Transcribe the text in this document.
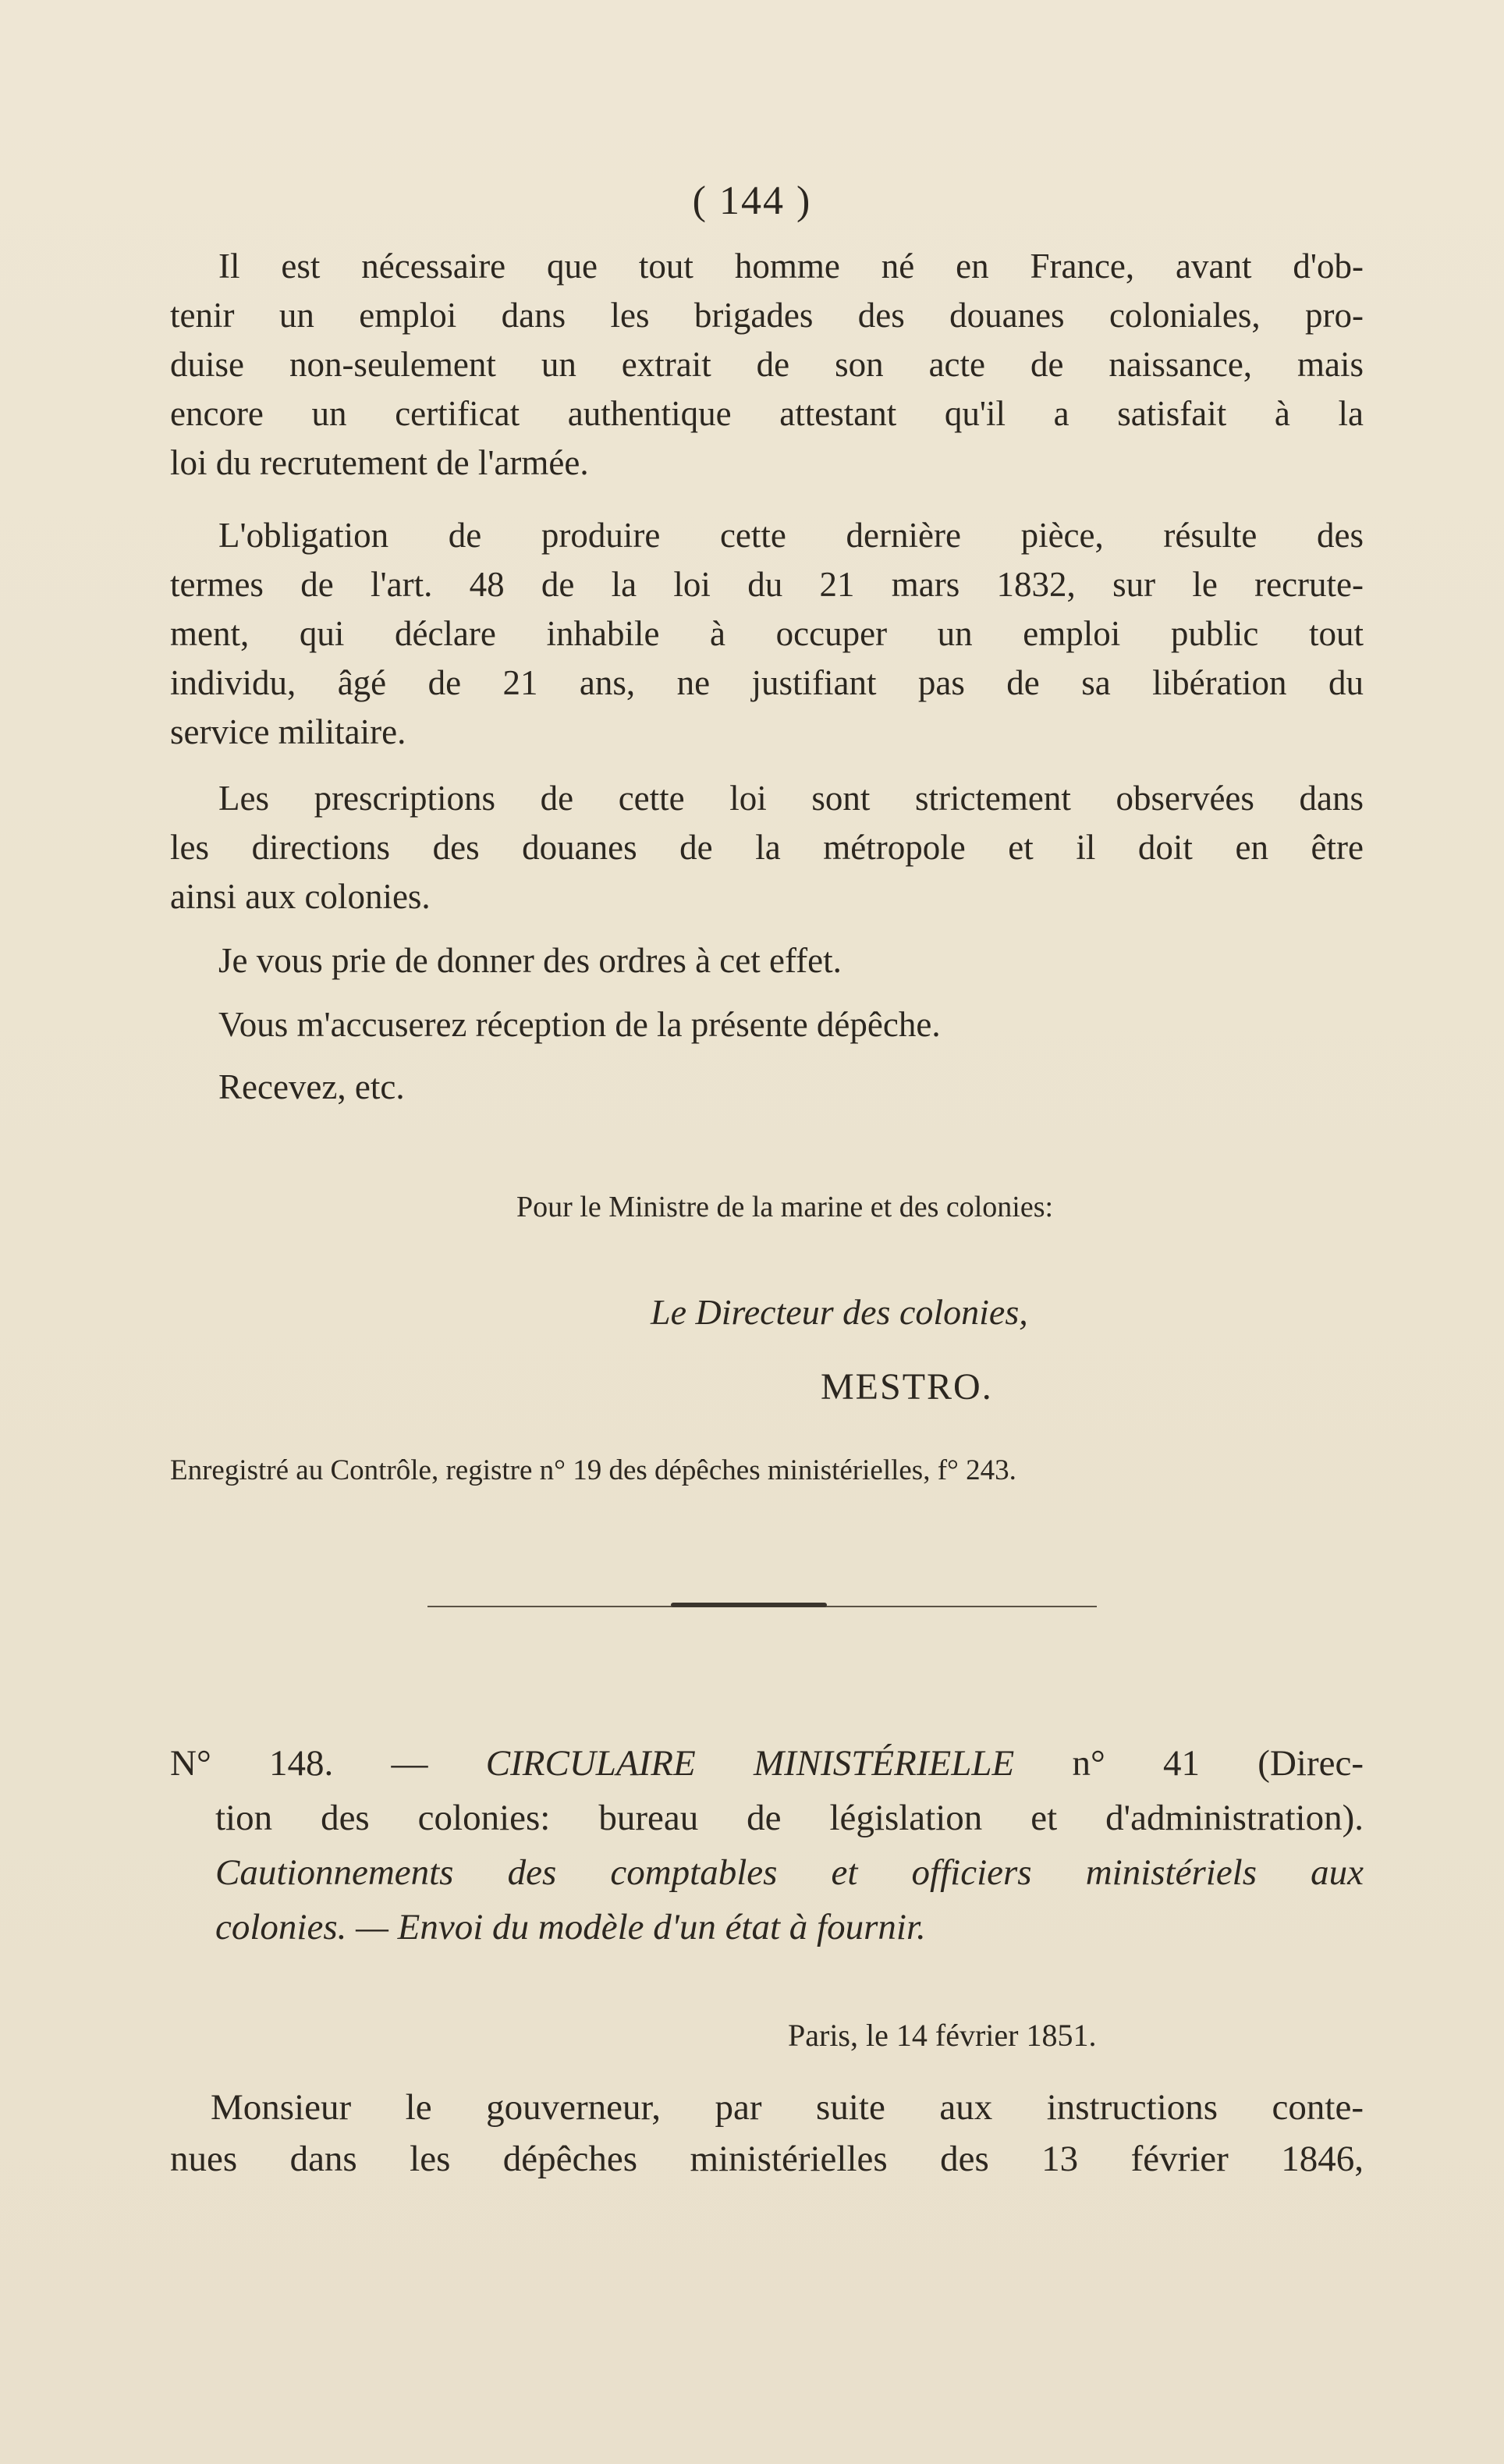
( 144 )
Il est nécessaire que tout homme né en France, avant d'ob-
tenir un emploi dans les brigades des douanes coloniales, pro-
duise non-seulement un extrait de son acte de naissance, mais
encore un certificat authentique attestant qu'il a satisfait à la
loi du recrutement de l'armée.
L'obligation de produire cette dernière pièce, résulte des
termes de l'art. 48 de la loi du 21 mars 1832, sur le recrute-
ment, qui déclare inhabile à occuper un emploi public tout
individu, âgé de 21 ans, ne justifiant pas de sa libération du
service militaire.
Les prescriptions de cette loi sont strictement observées dans
les directions des douanes de la métropole et il doit en être
ainsi aux colonies.
Je vous prie de donner des ordres à cet effet.
Vous m'accuserez réception de la présente dépêche.
Recevez, etc.
Pour le Ministre de la marine et des colonies:
Le Directeur des colonies,
MESTRO.
Enregistré au Contrôle, registre n° 19 des dépêches ministérielles, f° 243.
N° 148. — CIRCULAIRE MINISTÉRIELLE n° 41 (Direc-
tion des colonies: bureau de législation et d'administration).
Cautionnements des comptables et officiers ministériels aux
colonies. — Envoi du modèle d'un état à fournir.
Paris, le 14 février 1851.
Monsieur le gouverneur, par suite aux instructions conte-
nues dans les dépêches ministérielles des 13 février 1846,
